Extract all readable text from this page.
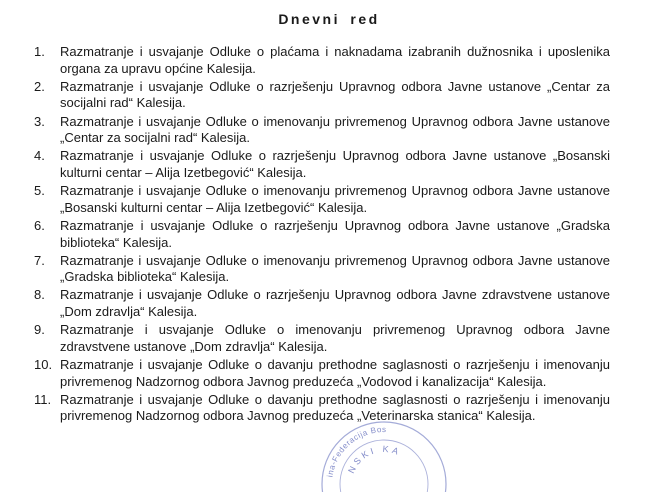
Dnevni red
1.	Razmatranje i usvajanje Odluke o plaćama i naknadama izabranih dužnosnika i uposlenika organa za upravu općine Kalesija.
2.	Razmatranje i usvajanje Odluke o razrješenju Upravnog odbora Javne ustanove „Centar za socijalni rad“ Kalesija.
3.	Razmatranje i usvajanje Odluke o imenovanju privremenog Upravnog odbora Javne ustanove „Centar za socijalni rad“ Kalesija.
4.	Razmatranje i usvajanje Odluke o razrješenju Upravnog odbora Javne ustanove „Bosanski kulturni centar – Alija Izetbegović“ Kalesija.
5.	Razmatranje i usvajanje Odluke o imenovanju privremenog Upravnog odbora Javne ustanove „Bosanski kulturni centar – Alija Izetbegović“ Kalesija.
6.	Razmatranje i usvajanje Odluke o razrješenju Upravnog odbora Javne ustanove „Gradska biblioteka“ Kalesija.
7.	Razmatranje i usvajanje Odluke o imenovanju privremenog Upravnog odbora Javne ustanove „Gradska biblioteka“ Kalesija.
8.	Razmatranje i usvajanje Odluke o razrješenju Upravnog odbora Javne zdravstvene ustanove „Dom zdravlja“ Kalesija.
9.	Razmatranje i usvajanje Odluke o imenovanju privremenog Upravnog odbora Javne zdravstvene ustanove „Dom zdravlja“ Kalesija.
10. Razmatranje i usvajanje Odluke o davanju prethodne saglasnosti o razrješenju i imenovanju privremenog Nadzornog odbora Javnog preduzeća „Vodovod i kanalizacija“ Kalesija.
11. Razmatranje i usvajanje Odluke o davanju prethodne saglasnosti o razrješenju i imenovanju privremenog Nadzornog odbora Javnog preduzeća „Veterinarska stanica“ Kalesija.
ina-Federacija Bos
NSKI KA
